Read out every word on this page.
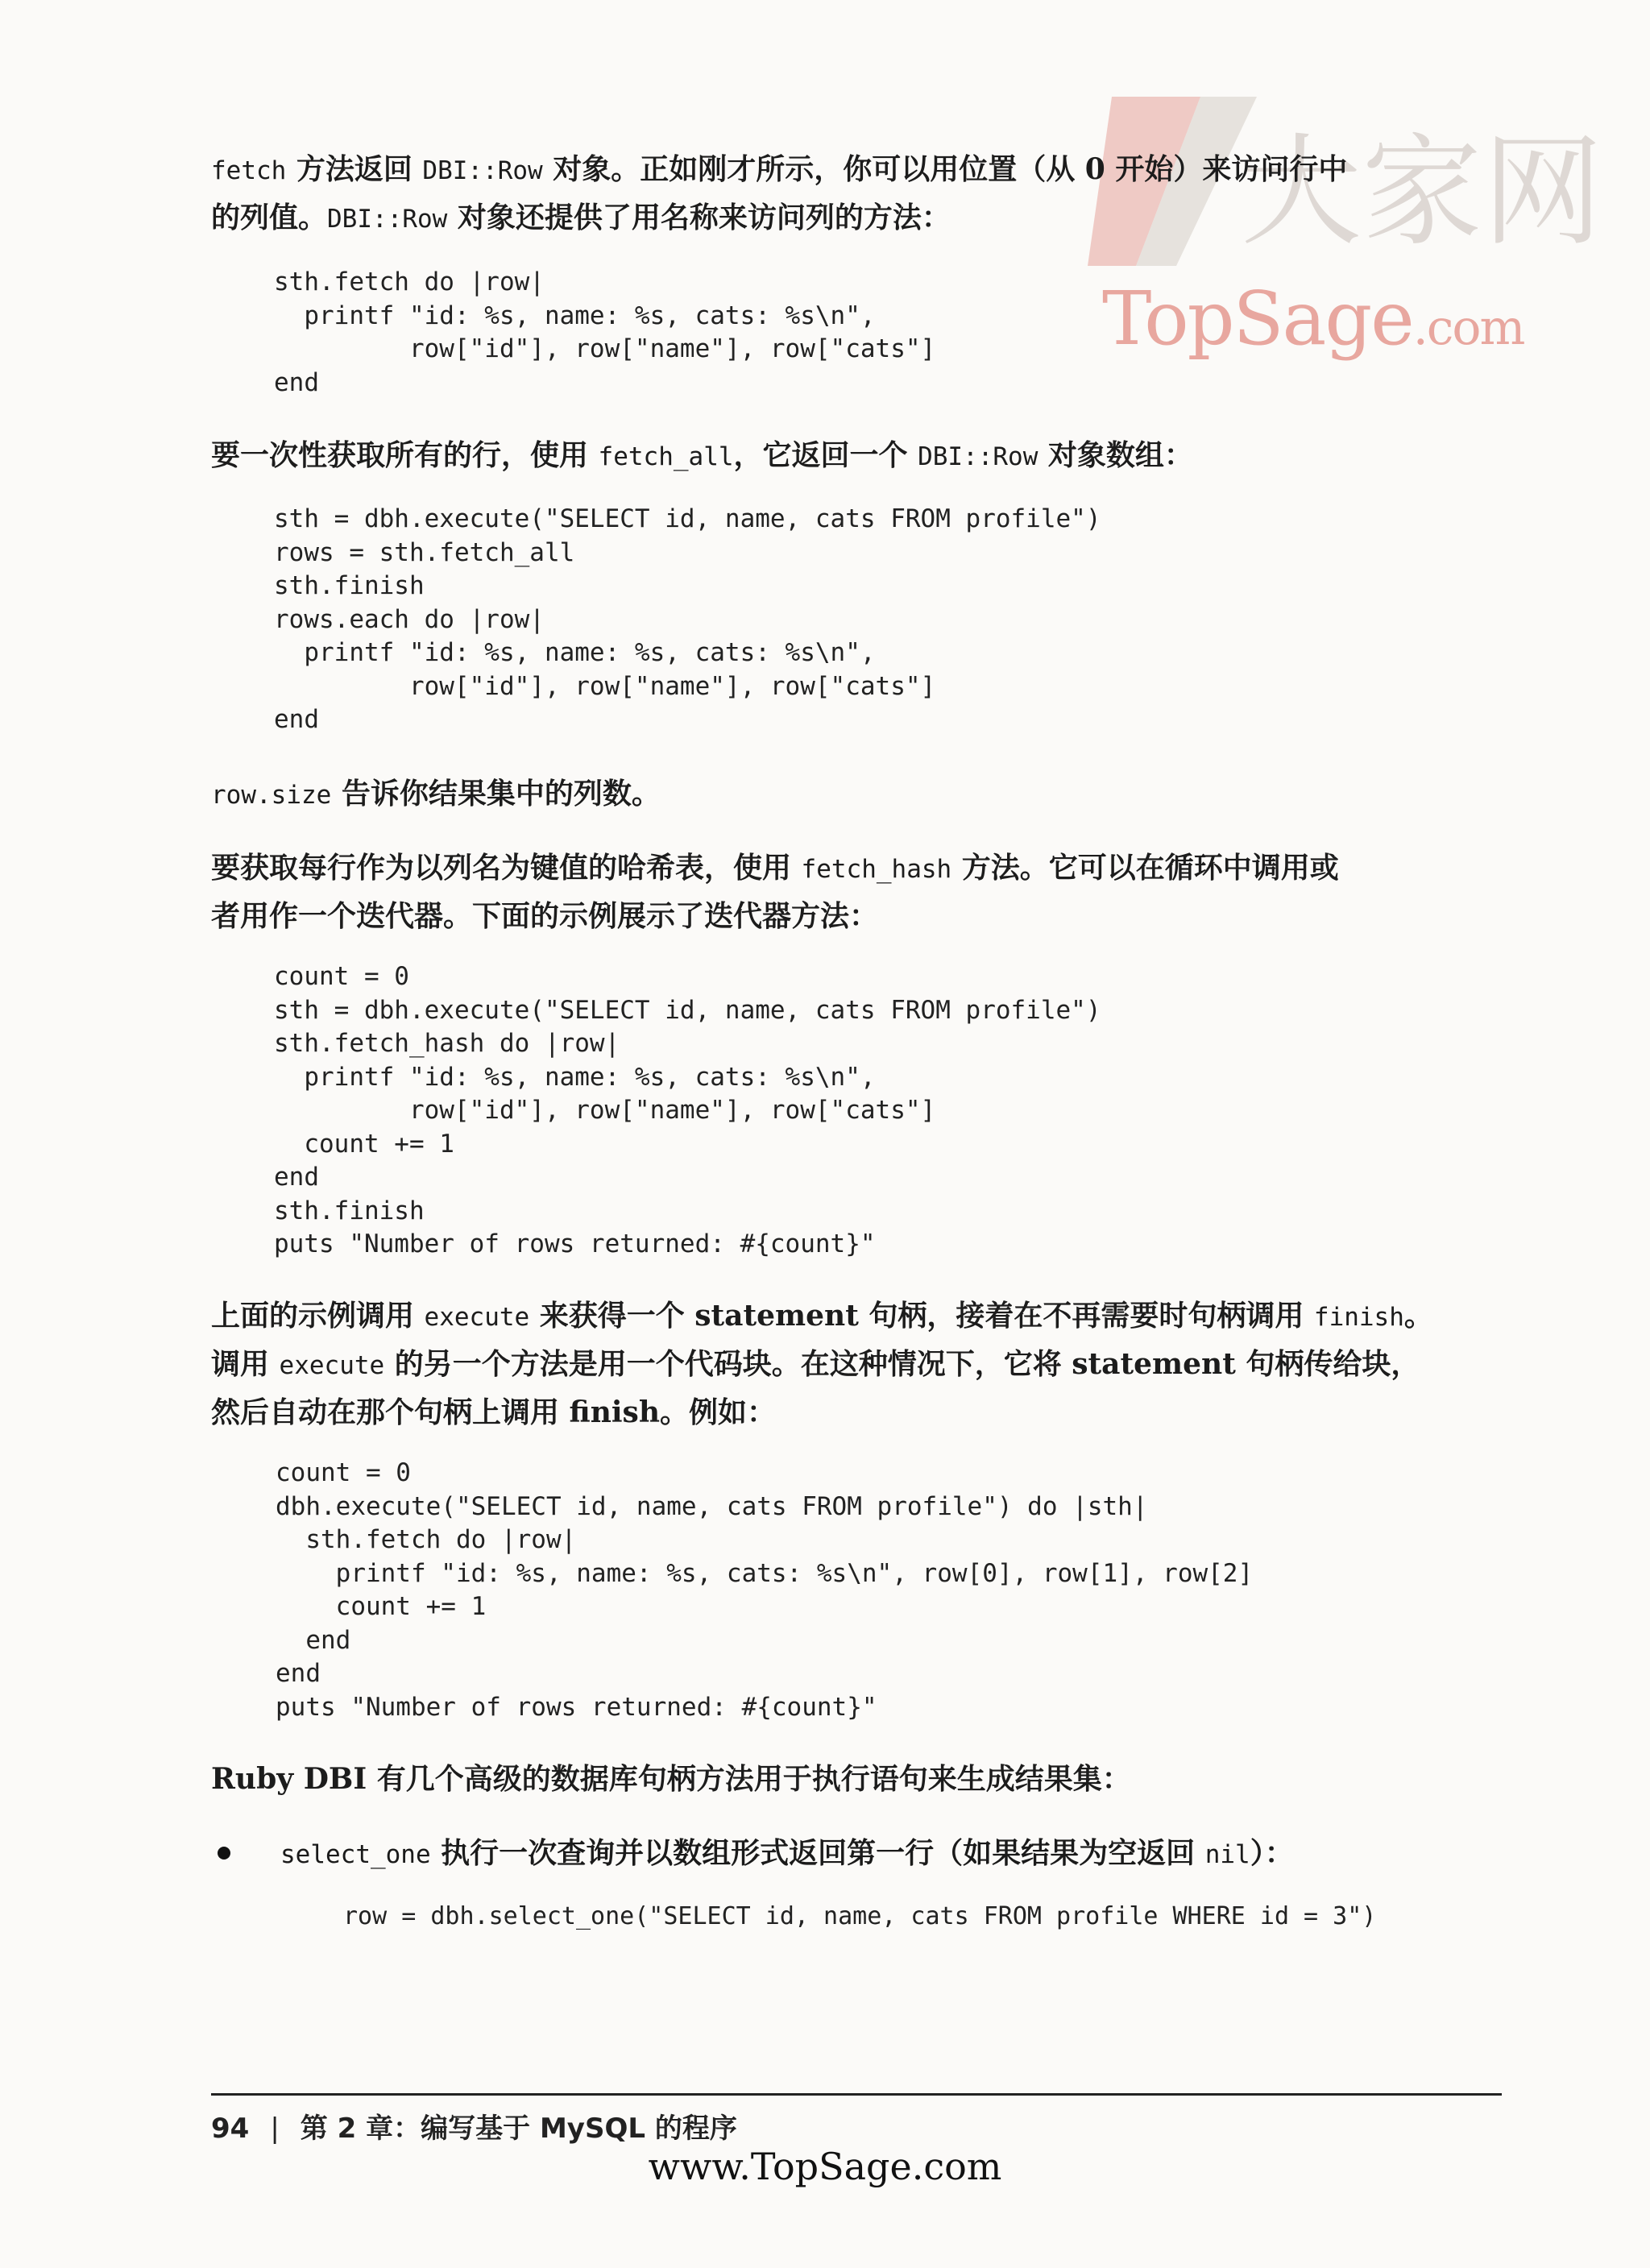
大家网
TopSage.com

fetch 方法返回 DBI::Row 对象。正如刚才所示，你可以用位置（从 0 开始）来访问行中

的列值。DBI::Row 对象还提供了用名称来访问列的方法：

sth.fetch do |row|
printf "id: %s, name: %s, cats: %s\n",
row["id"], row["name"], row["cats"]
end

要一次性获取所有的行，使用 fetch_all，它返回一个 DBI::Row 对象数组：

sth = dbh.execute("SELECT id, name, cats FROM profile")
rows = sth.fetch_all
sth.finish
rows.each do |row|
printf "id: %s, name: %s, cats: %s\n",
row["id"], row["name"], row["cats"]
end

row.size 告诉你结果集中的列数。

要获取每行作为以列名为键值的哈希表，使用 fetch_hash 方法。它可以在循环中调用或

者用作一个迭代器。下面的示例展示了迭代器方法：

count = 0
sth = dbh.execute("SELECT id, name, cats FROM profile")
sth.fetch_hash do |row|
printf "id: %s, name: %s, cats: %s\n",
row["id"], row["name"], row["cats"]
count += 1
end
sth.finish
puts "Number of rows returned: #{count}"

上面的示例调用 execute 来获得一个 statement 句柄，接着在不再需要时句柄调用 finish。

调用 execute 的另一个方法是用一个代码块。在这种情况下，它将 statement 句柄传给块，

然后自动在那个句柄上调用 finish。例如：

count = 0
dbh.execute("SELECT id, name, cats FROM profile") do |sth|
sth.fetch do |row|
printf "id: %s, name: %s, cats: %s\n", row[0], row[1], row[2]
count += 1
end
end
puts "Number of rows returned: #{count}"

Ruby DBI 有几个高级的数据库句柄方法用于执行语句来生成结果集：

select_one 执行一次查询并以数组形式返回第一行（如果结果为空返回 nil）：
row = dbh.select_one("SELECT id, name, cats FROM profile WHERE id = 3")
94 | 第 2 章：编写基于 MySQL 的程序
www.TopSage.com
